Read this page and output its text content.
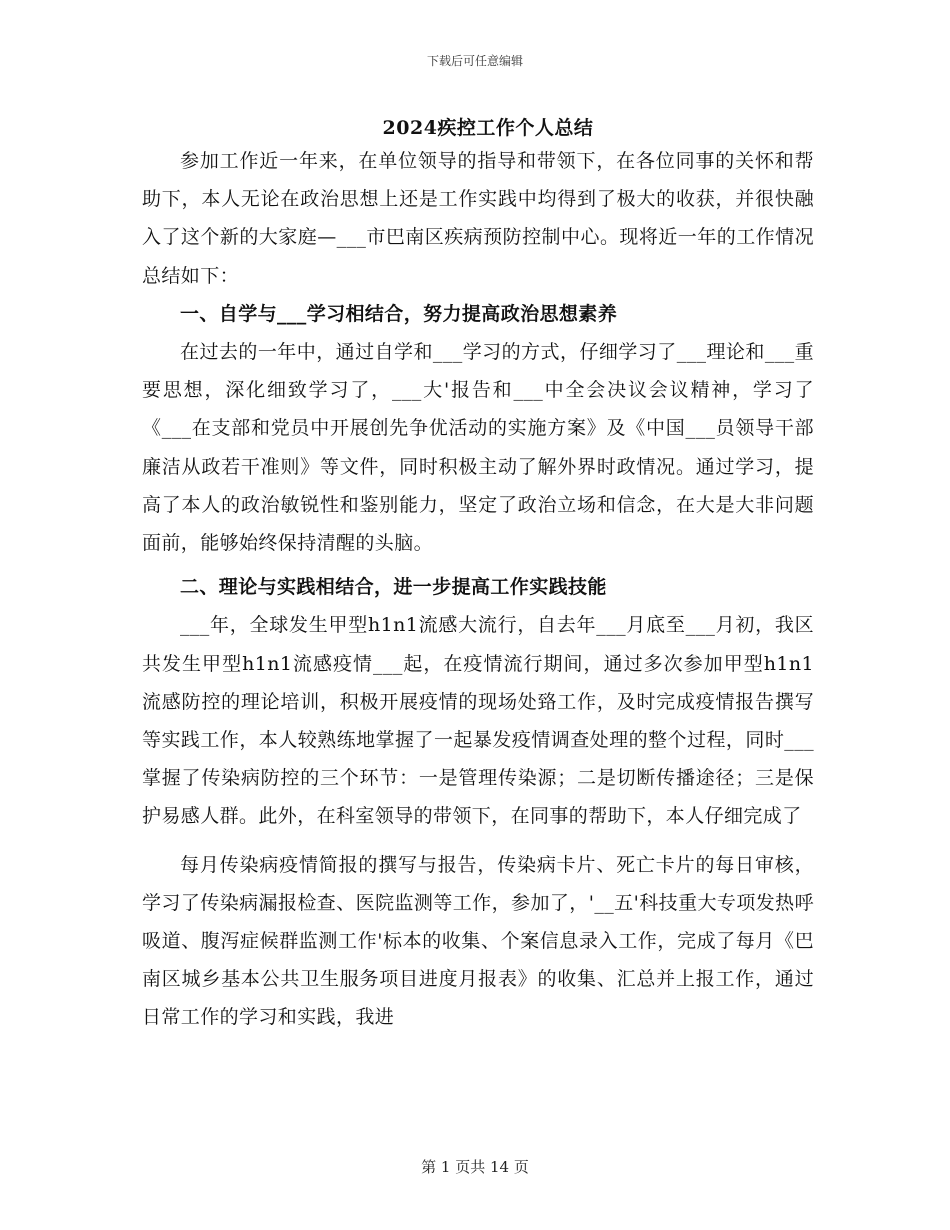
下载后可任意编辑
2024疾控工作个人总结

参加工作近一年来，在单位领导的指导和带领下，在各位同事的关怀和帮助下，本人无论在政治思想上还是工作实践中均得到了极大的收获，并很快融入了这个新的大家庭—___市巴南区疾病预防控制中心。现将近一年的工作情况总结如下：

一、自学与___学习相结合，努力提高政治思想素养

在过去的一年中，通过自学和___学习的方式，仔细学习了___理论和___重要思想，深化细致学习了，___大'报告和___中全会决议会议精神，学习了《___在支部和党员中开展创先争优活动的实施方案》及《中国___员领导干部廉洁从政若干准则》等文件，同时积极主动了解外界时政情况。通过学习，提高了本人的政治敏锐性和鉴别能力，坚定了政治立场和信念，在大是大非问题面前，能够始终保持清醒的头脑。

二、理论与实践相结合，进一步提高工作实践技能

___年，全球发生甲型h1n1流感大流行，自去年___月底至___月初，我区共发生甲型h1n1流感疫情___起，在疫情流行期间，通过多次参加甲型h1n1流感防控的理论培训，积极开展疫情的现场处臵工作，及时完成疫情报告撰写等实践工作，本人较熟练地掌握了一起暴发疫情调查处理的整个过程，同时___掌握了传染病防控的三个环节：一是管理传染源；二是切断传播途径；三是保护易感人群。此外，在科室领导的带领下，在同事的帮助下，本人仔细完成了

每月传染病疫情简报的撰写与报告，传染病卡片、死亡卡片的每日审核，学习了传染病漏报检查、医院监测等工作，参加了，'__五'科技重大专项发热呼吸道、腹泻症候群监测工作'标本的收集、个案信息录入工作，完成了每月《巴南区城乡基本公共卫生服务项目进度月报表》的收集、汇总并上报工作，通过日常工作的学习和实践，我进

第 1 页共 14 页
